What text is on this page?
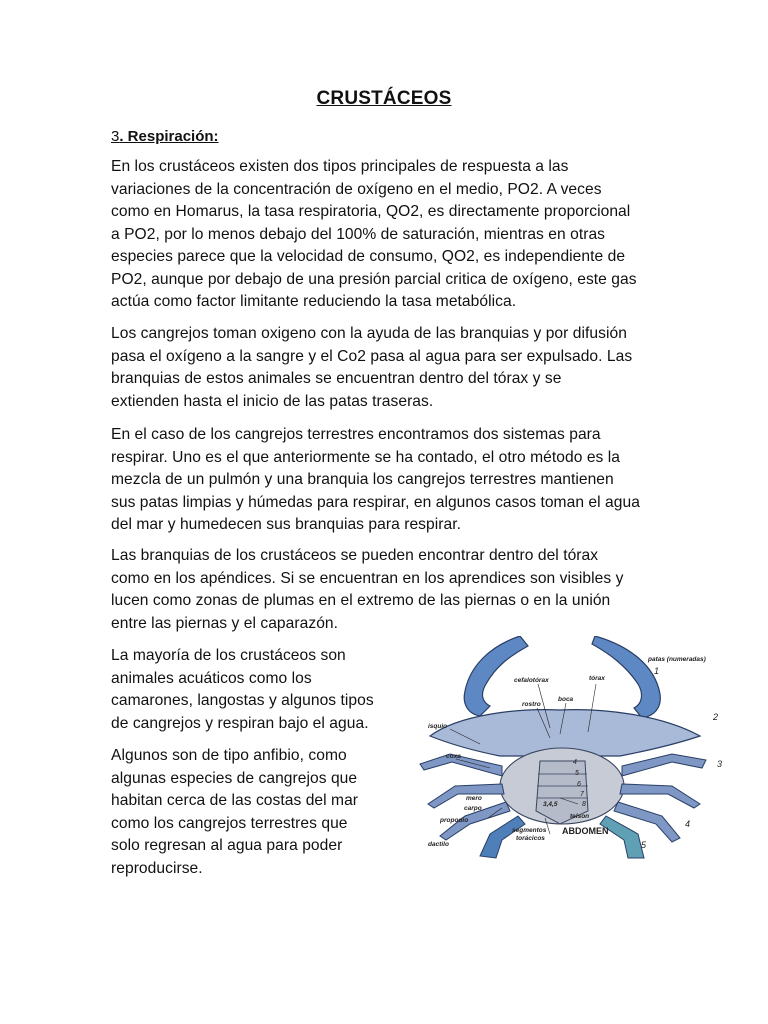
CRUSTÁCEOS
3. Respiración:
En los crustáceos existen dos tipos principales de respuesta a las
variaciones de la concentración de oxígeno en el medio, PO2. A veces
como en Homarus, la tasa respiratoria, QO2, es directamente proporcional
a PO2, por lo menos debajo del 100% de saturación, mientras en otras
especies parece que la velocidad de consumo, QO2, es independiente de
PO2, aunque por debajo de una presión parcial critica de oxígeno, este gas
actúa como factor limitante reduciendo la tasa metabólica.
Los cangrejos toman oxigeno con la ayuda de las branquias y por difusión
pasa el oxígeno a la sangre y el Co2 pasa al agua para ser expulsado. Las
branquias de estos animales se encuentran dentro del tórax y se
extienden hasta el inicio de las patas traseras.
En el caso de los cangrejos terrestres encontramos dos sistemas para
respirar. Uno es el que anteriormente se ha contado, el otro método es la
mezcla de un pulmón y una branquia los cangrejos terrestres mantienen
sus patas limpias y húmedas para respirar, en algunos casos toman el agua
del mar y humedecen sus branquias para respirar.
Las branquias de los crustáceos se pueden encontrar dentro del tórax
como en los apéndices. Si se encuentran en los aprendices son visibles y
lucen como zonas de plumas en el extremo de las piernas o en la unión
entre las piernas y el caparazón.
La mayoría de los crustáceos son
animales acuáticos como los
camarones, langostas y algunos tipos
de cangrejos y respiran bajo el agua.
Algunos son de tipo anfibio, como
algunas especies de cangrejos que
habitan cerca de las costas del mar
como los cangrejos terrestres que
solo regresan al agua para poder
reproducirse.
patas (numeradas)
cefalotórax	tórax
rostro
boca
isquio
coxa
mero
carpo
propodio
dactilo
segmentos
torácicos
telson
3,4,5
ABDOMEN
1
2
3
4
5
4
5
6
7
8
